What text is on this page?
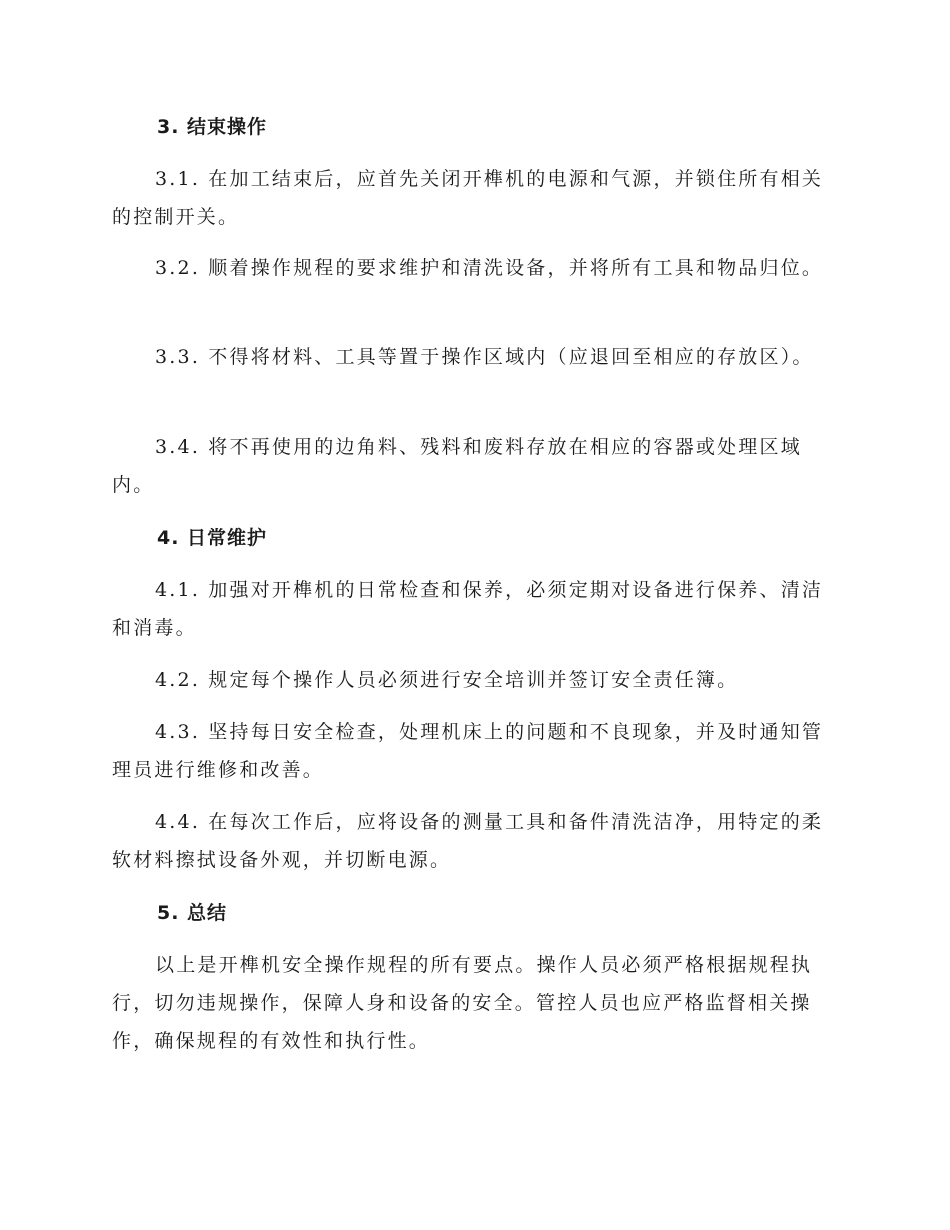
3. 结束操作

3.1. 在加工结束后，应首先关闭开榫机的电源和气源，并锁住所有相关的控制开关。

3.2. 顺着操作规程的要求维护和清洗设备，并将所有工具和物品归位。

3.3. 不得将材料、工具等置于操作区域内（应退回至相应的存放区）。

3.4. 将不再使用的边角料、残料和废料存放在相应的容器或处理区域内。

4. 日常维护

4.1. 加强对开榫机的日常检查和保养，必须定期对设备进行保养、清洁和消毒。

4.2. 规定每个操作人员必须进行安全培训并签订安全责任簿。

4.3. 坚持每日安全检查，处理机床上的问题和不良现象，并及时通知管理员进行维修和改善。

4.4. 在每次工作后，应将设备的测量工具和备件清洗洁净，用特定的柔软材料擦拭设备外观，并切断电源。

5. 总结

以上是开榫机安全操作规程的所有要点。操作人员必须严格根据规程执行，切勿违规操作，保障人身和设备的安全。管控人员也应严格监督相关操作，确保规程的有效性和执行性。
